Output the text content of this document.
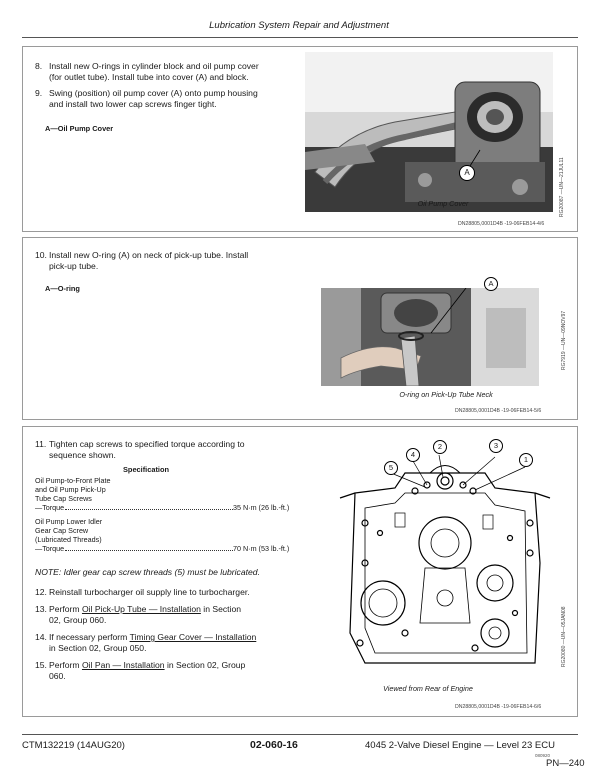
Lubrication System Repair and Adjustment
8. Install new O-rings in cylinder block and oil pump cover
(for outlet tube). Install tube into cover (A) and block.
9. Swing (position) oil pump cover (A) onto pump housing
and install two lower cap screws finger tight.
A—Oil Pump Cover
A
Oil Pump Cover	RG20087 —UN—21JUL11
DN28805,0001D4B -19-06FEB14-4/6
10. Install new O-ring (A) on neck of pick-up tube. Install
pick-up tube.
A—O-ring
A
O-ring on Pick-Up Tube Neck
RG7919 —UN—09NOV97
DN28805,0001D4B -19-06FEB14-5/6
11. Tighten cap screws to specified torque according to
sequence shown.
Specification
Oil Pump-to-Front Plate
and Oil Pump Pick-Up
Tube Cap Screws
—Torque	35 N·m (26 lb.-ft.)
Oil Pump Lower Idler
Gear Cap Screw
(Lubricated Threads)
—Torque	70 N·m (53 lb.-ft.)
NOTE: Idler gear cap screw threads (5) must be lubricated.
12. Reinstall turbocharger oil supply line to turbocharger.
13. Perform Oil Pick-Up Tube — Installation in Section
02, Group 060.
14. If necessary perform Timing Gear Cover — Installation
in Section 02, Group 050.
15. Perform Oil Pan — Installation in Section 02, Group
060.
5
4
2	3
1
Viewed from Rear of Engine
RG20080 —UN—05JAN08
DN28805,0001D4B -19-06FEB14-6/6
CTM132219 (14AUG20)	02-060-16	4045 2-Valve Diesel Engine — Level 23 ECU
080920
PN—240
